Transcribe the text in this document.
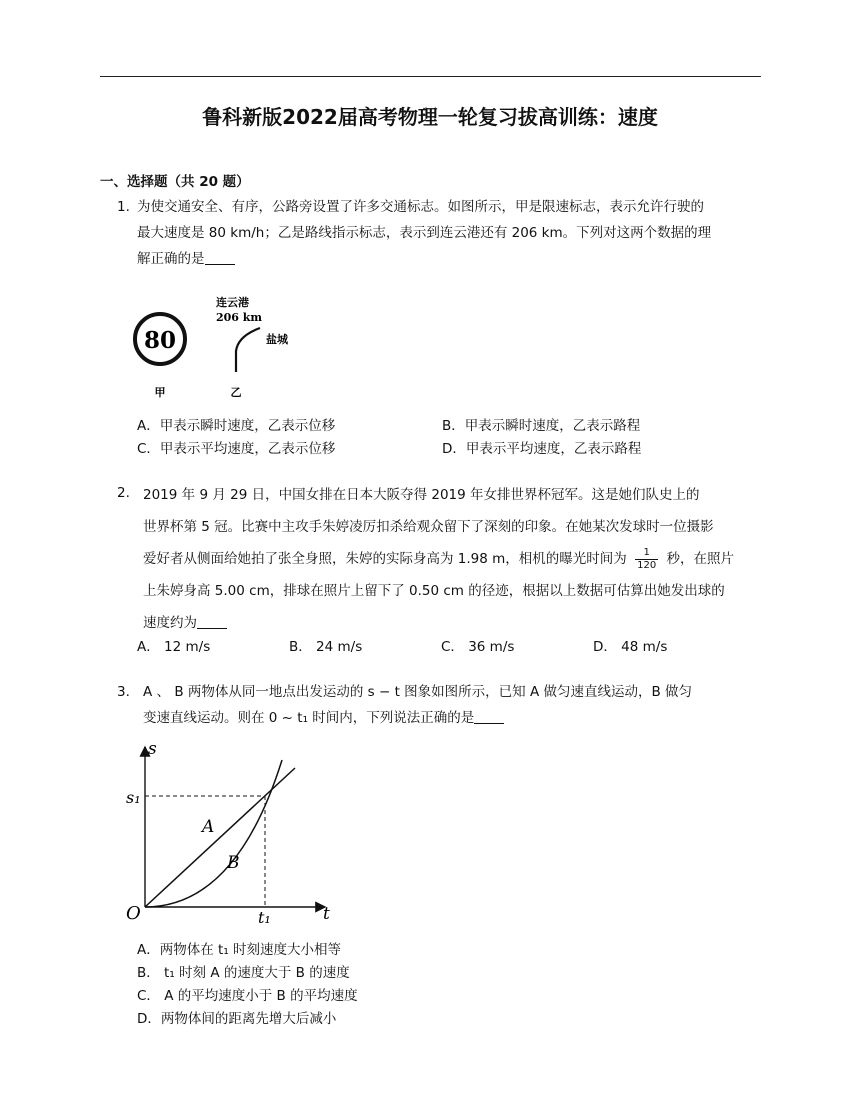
鲁科新版2022届高考物理一轮复习拔高训练：速度
一、选择题（共 20 题）
1. 为使交通安全、有序，公路旁设置了许多交通标志。如图所示，甲是限速标志，表示允许行驶的
最大速度是 80 km/h；乙是路线指示标志，表示到连云港还有 206 km。下列对这两个数据的理
解正确的是
80
甲
连云港
206 km
盐城
乙
A．甲表示瞬时速度，乙表示位移	B．甲表示瞬时速度，乙表示路程
C．甲表示平均速度，乙表示位移	D．甲表示平均速度，乙表示路程
2. 2019 年 9 月 29 日，中国女排在日本大阪夺得 2019 年女排世界杯冠军。这是她们队史上的
世界杯第 5 冠。比赛中主攻手朱婷凌厉扣杀给观众留下了深刻的印象。在她某次发球时一位摄影
爱好者从侧面给她拍了张全身照，朱婷的实际身高为 1.98 m，相机的曝光时间为 $\frac{1}{120}$ 秒，在照片
上朱婷身高 5.00 cm，排球在照片上留下了 0.50 cm 的径迹，根据以上数据可估算出她发出球的
速度约为
A． 12 m/s	B． 24 m/s	C． 36 m/s	D． 48 m/s
3. A 、 B 两物体从同一地点出发运动的 s − t 图象如图所示，已知 A 做匀速直线运动，B 做匀
变速直线运动。则在 0 ~ t₁ 时间内，下列说法正确的是
s
t
O
s₁
t₁
A
B
A．两物体在 t₁ 时刻速度大小相等
B． t₁ 时刻 A 的速度大于 B 的速度
C． A 的平均速度小于 B 的平均速度
D．两物体间的距离先增大后减小
